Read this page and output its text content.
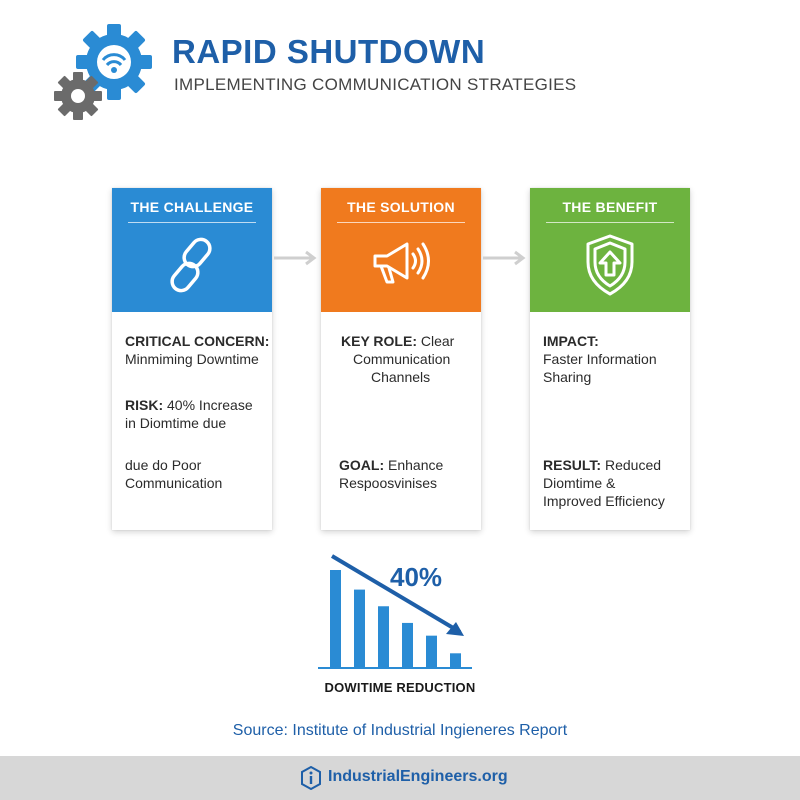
RAPID SHUTDOWN
IMPLEMENTING COMMUNICATION STRATEGIES
THE CHALLENGE
CRITICAL CONCERN:
Minmiming Downtime
RISK: 40% Increase
in Diomtime due
due do Poor
Communication
THE SOLUTION
KEY ROLE: Clear
Communication
Channels
GOAL: Enhance
Respoosvinises
THE BENEFIT
IMPACT:
Faster Information
Sharing
RESULT: Reduced
Diomtime &
Improved Efficiency
40%
DOWITIME REDUCTION
Source: Institute of Industrial Ingieneres Report
IndustrialEngineers.org
